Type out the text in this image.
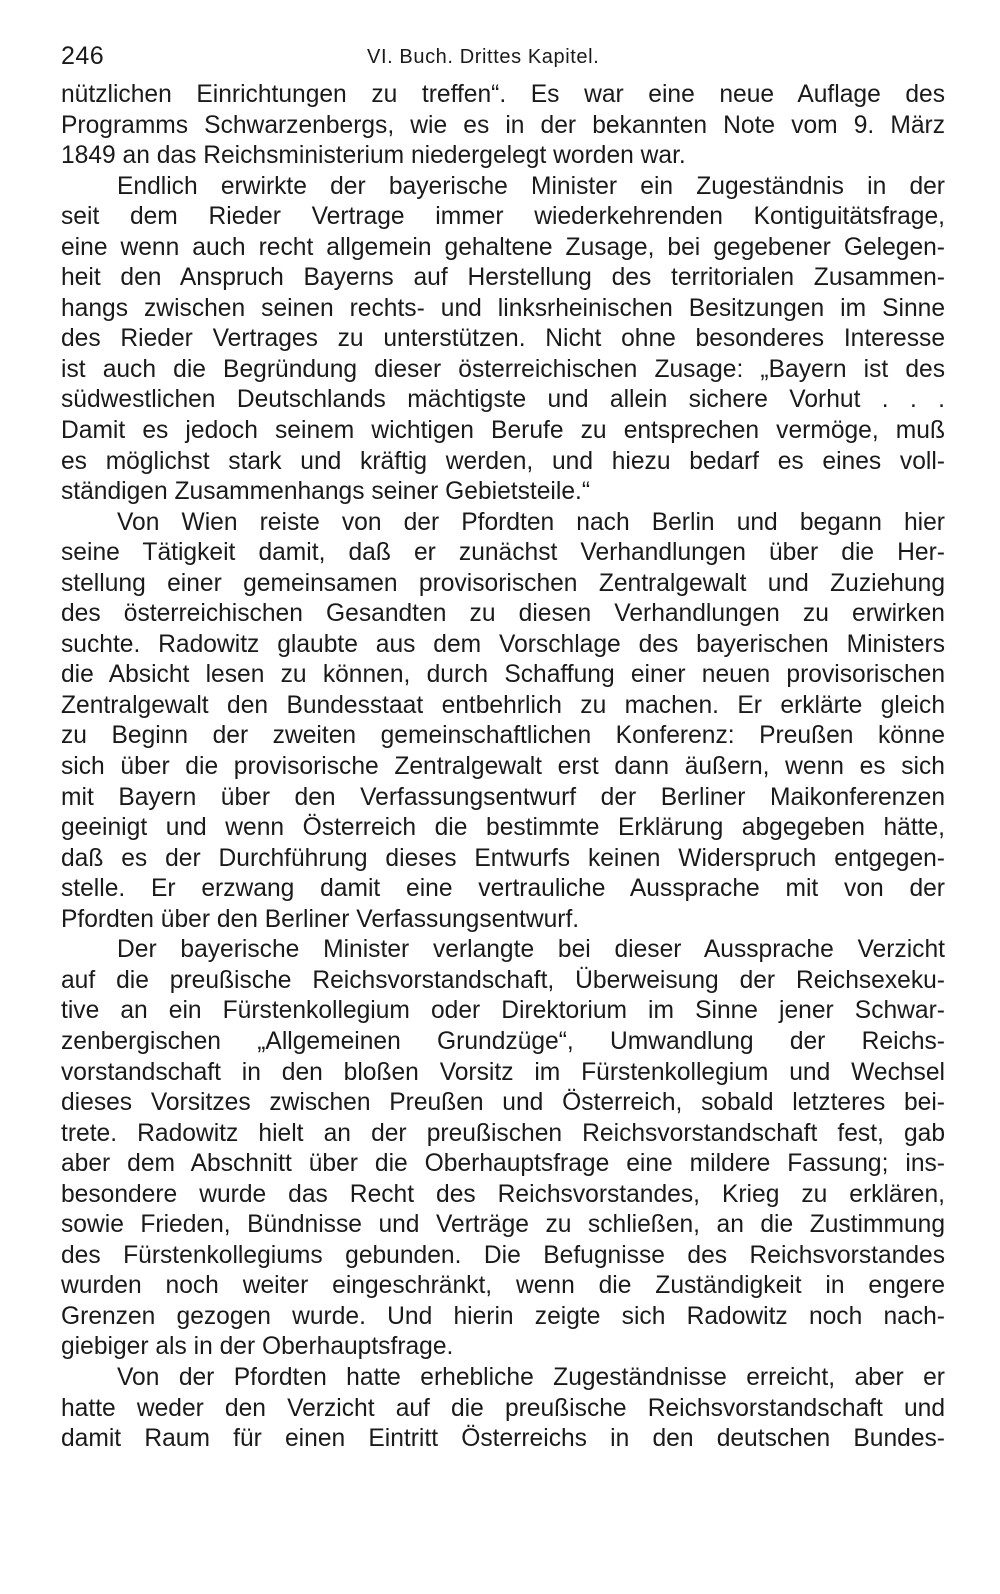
246	VI. Buch. Drittes Kapitel.
nützlichen Einrichtungen zu treffen“. Es war eine neue Auflage des
Programms Schwarzenbergs, wie es in der bekannten Note vom 9. März
1849 an das Reichsministerium niedergelegt worden war.
Endlich erwirkte der bayerische Minister ein Zugeständnis in der
seit dem Rieder Vertrage immer wiederkehrenden Kontiguitätsfrage,
eine wenn auch recht allgemein gehaltene Zusage, bei gegebener Gelegen-
heit den Anspruch Bayerns auf Herstellung des territorialen Zusammen-
hangs zwischen seinen rechts- und linksrheinischen Besitzungen im Sinne
des Rieder Vertrages zu unterstützen. Nicht ohne besonderes Interesse
ist auch die Begründung dieser österreichischen Zusage: „Bayern ist des
südwestlichen Deutschlands mächtigste und allein sichere Vorhut . . .
Damit es jedoch seinem wichtigen Berufe zu entsprechen vermöge, muß
es möglichst stark und kräftig werden, und hiezu bedarf es eines voll-
ständigen Zusammenhangs seiner Gebietsteile.“
Von Wien reiste von der Pfordten nach Berlin und begann hier
seine Tätigkeit damit, daß er zunächst Verhandlungen über die Her-
stellung einer gemeinsamen provisorischen Zentralgewalt und Zuziehung
des österreichischen Gesandten zu diesen Verhandlungen zu erwirken
suchte. Radowitz glaubte aus dem Vorschlage des bayerischen Ministers
die Absicht lesen zu können, durch Schaffung einer neuen provisorischen
Zentralgewalt den Bundesstaat entbehrlich zu machen. Er erklärte gleich
zu Beginn der zweiten gemeinschaftlichen Konferenz: Preußen könne
sich über die provisorische Zentralgewalt erst dann äußern, wenn es sich
mit Bayern über den Verfassungsentwurf der Berliner Maikonferenzen
geeinigt und wenn Österreich die bestimmte Erklärung abgegeben hätte,
daß es der Durchführung dieses Entwurfs keinen Widerspruch entgegen-
stelle. Er erzwang damit eine vertrauliche Aussprache mit von der
Pfordten über den Berliner Verfassungsentwurf.
Der bayerische Minister verlangte bei dieser Aussprache Verzicht
auf die preußische Reichsvorstandschaft, Überweisung der Reichsexeku-
tive an ein Fürstenkollegium oder Direktorium im Sinne jener Schwar-
zenbergischen „Allgemeinen Grundzüge“, Umwandlung der Reichs-
vorstandschaft in den bloßen Vorsitz im Fürstenkollegium und Wechsel
dieses Vorsitzes zwischen Preußen und Österreich, sobald letzteres bei-
trete. Radowitz hielt an der preußischen Reichsvorstandschaft fest, gab
aber dem Abschnitt über die Oberhauptsfrage eine mildere Fassung; ins-
besondere wurde das Recht des Reichsvorstandes, Krieg zu erklären,
sowie Frieden, Bündnisse und Verträge zu schließen, an die Zustimmung
des Fürstenkollegiums gebunden. Die Befugnisse des Reichsvorstandes
wurden noch weiter eingeschränkt, wenn die Zuständigkeit in engere
Grenzen gezogen wurde. Und hierin zeigte sich Radowitz noch nach-
giebiger als in der Oberhauptsfrage.
Von der Pfordten hatte erhebliche Zugeständnisse erreicht, aber er
hatte weder den Verzicht auf die preußische Reichsvorstandschaft und
damit Raum für einen Eintritt Österreichs in den deutschen Bundes-
